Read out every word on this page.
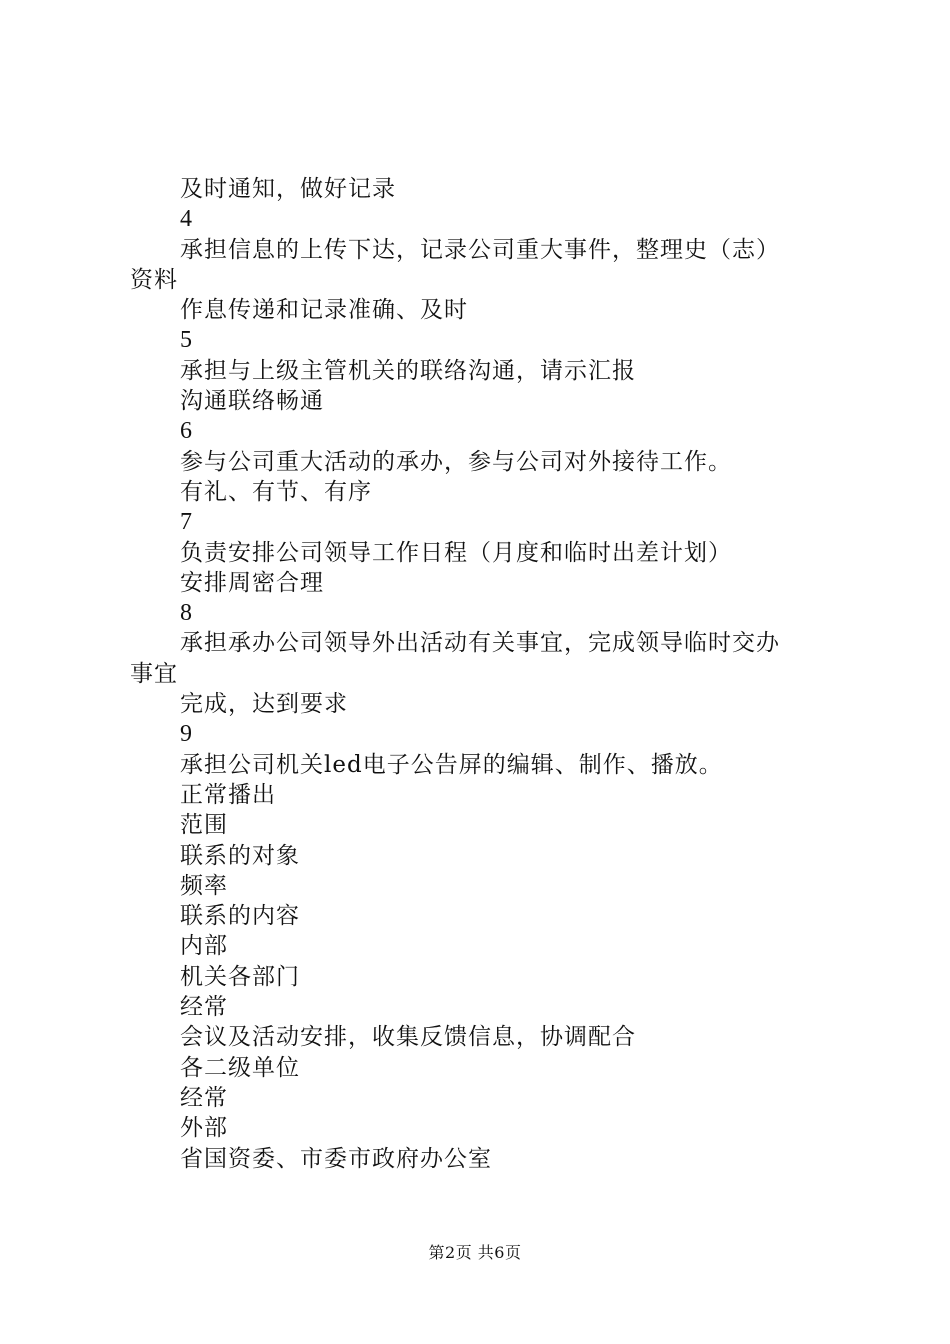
及时通知，做好记录
4
承担信息的上传下达，记录公司重大事件，整理史（志）
资料
作息传递和记录准确、及时
5
承担与上级主管机关的联络沟通，请示汇报
沟通联络畅通
6
参与公司重大活动的承办，参与公司对外接待工作。
有礼、有节、有序
7
负责安排公司领导工作日程（月度和临时出差计划）
安排周密合理
8
承担承办公司领导外出活动有关事宜，完成领导临时交办
事宜
完成，达到要求
9
承担公司机关led电子公告屏的编辑、制作、播放。
正常播出
范围
联系的对象
频率
联系的内容
内部
机关各部门
经常
会议及活动安排，收集反馈信息，协调配合
各二级单位
经常
外部
省国资委、市委市政府办公室
第2页 共6页
